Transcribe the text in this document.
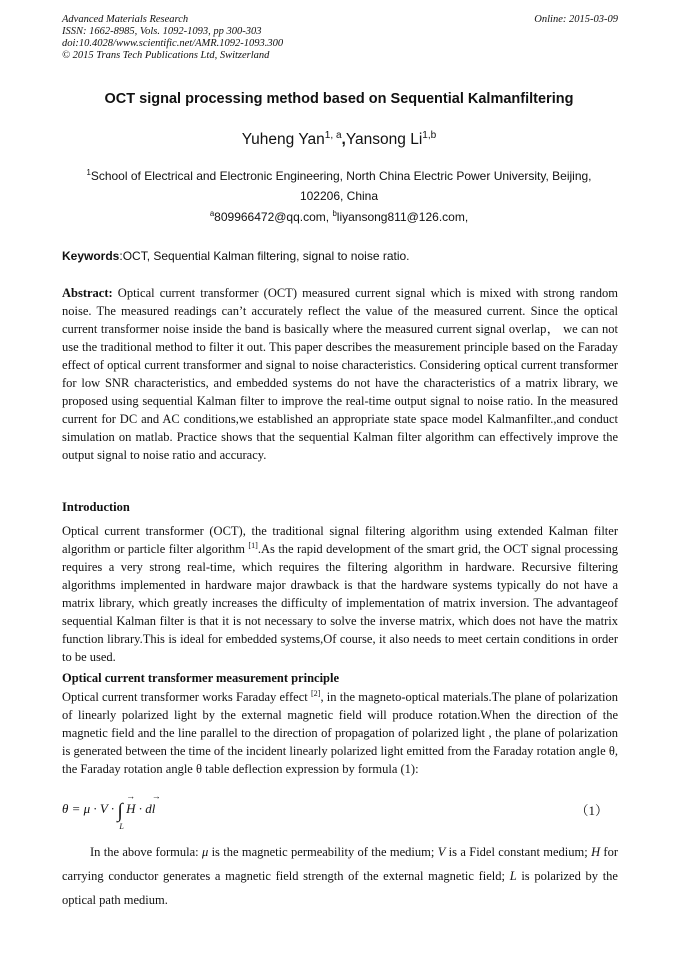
Advanced Materials Research
ISSN: 1662-8985, Vols. 1092-1093, pp 300-303
doi:10.4028/www.scientific.net/AMR.1092-1093.300
© 2015 Trans Tech Publications Ltd, Switzerland
Online: 2015-03-09
OCT signal processing method based on Sequential Kalmanfiltering
Yuheng Yan$^{1, a}$,Yansong Li$^{1,b}$
$^1$School of Electrical and Electronic Engineering, North China Electric Power University, Beijing, 102206, China
$^a$809966472@qq.com, $^b$liyansong811@126.com,
Keywords:OCT, Sequential Kalman filtering, signal to noise ratio.

Abstract: Optical current transformer (OCT) measured current signal which is mixed with strong random noise. The measured readings can’t accurately reflect the value of the measured current. Since the optical current transformer noise inside the band is basically where the measured current signal overlap， we can not use the traditional method to filter it out. This paper describes the measurement principle based on the Faraday effect of optical current transformer and signal to noise characteristics. Considering optical current transformer for low SNR characteristics, and embedded systems do not have the characteristics of a matrix library, we proposed using sequential Kalman filter to improve the real-time output signal to noise ratio. In the measured current for DC and AC conditions,we established an appropriate state space model Kalmanfilter.,and conduct simulation on matlab. Practice shows that the sequential Kalman filter algorithm can effectively improve the output signal to noise ratio and accuracy.

Introduction

Optical current transformer (OCT), the traditional signal filtering algorithm using extended Kalman filter algorithm or particle filter algorithm [1].As the rapid development of the smart grid, the OCT signal processing requires a very strong real-time, which requires the filtering algorithm in hardware. Recursive filtering algorithms implemented in hardware major drawback is that the hardware systems typically do not have a matrix library, which greatly increases the difficulty of implementation of matrix inversion. The advantageof sequential Kalman filter is that it is not necessary to solve the inverse matrix, which does not have the matrix function library.This is ideal for embedded systems,Of course, it also needs to meet certain conditions in order to be used.

Optical current transformer measurement principle

Optical current transformer works Faraday effect [2], in the magneto-optical materials.The plane of polarization of linearly polarized light by the external magnetic field will produce rotation.When the direction of the magnetic field and the line parallel to the direction of propagation of polarized light , the plane of polarization is generated between the time of the incident linearly polarized light emitted from the Faraday rotation angle θ, the Faraday rotation angle θ table deflection expression by formula (1):

θ = μ · V · ∫
L
→ H · d→ l	（1）

In the above formula: μ is the magnetic permeability of the medium; V is a Fidel constant medium; H for carrying conductor generates a magnetic field strength of the external magnetic field; L is polarized by the optical path medium.
